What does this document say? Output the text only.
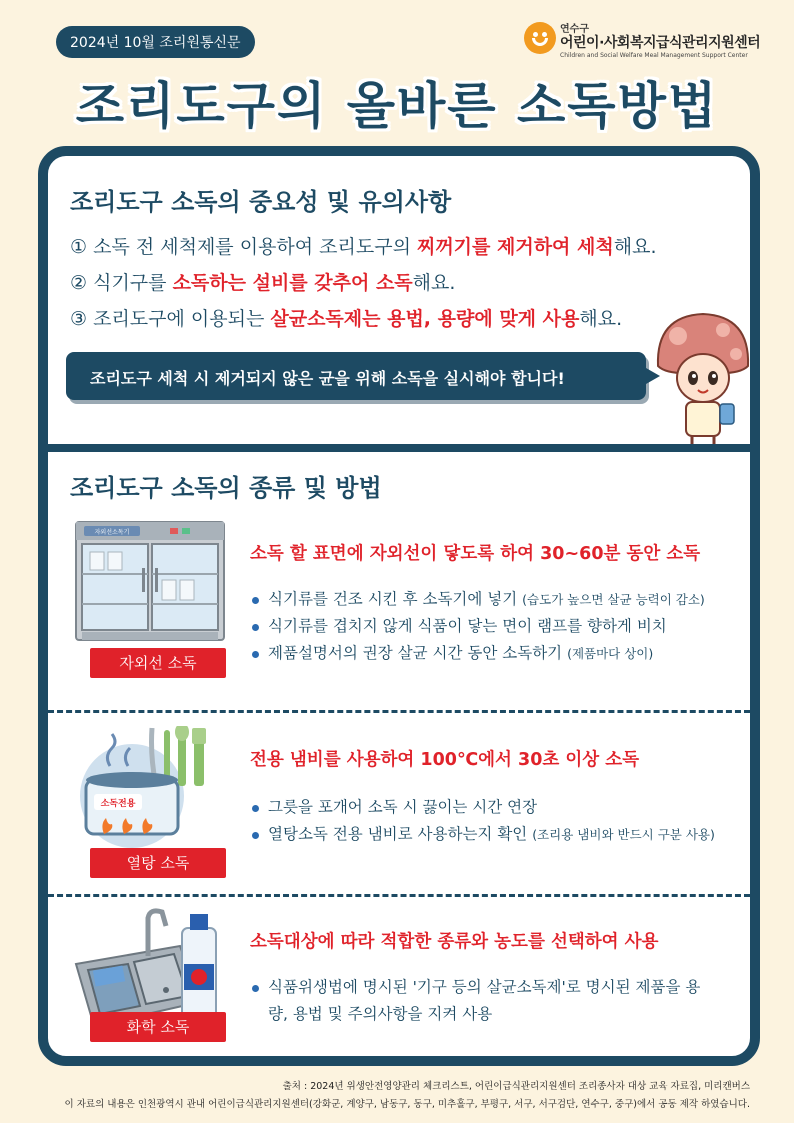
2024년 10월 조리원통신문
연수구
어린이·사회복지급식관리지원센터
Children and Social Welfare Meal Management Support Center
조리도구의 올바른 소독방법
조리도구 소독의 중요성 및 유의사항
① 소독 전 세척제를 이용하여 조리도구의 찌꺼기를 제거하여 세척해요.
② 식기구를 소독하는 설비를 갖추어 소독해요.
③ 조리도구에 이용되는 살균소독제는 용법, 용량에 맞게 사용해요.
조리도구 세척 시 제거되지 않은 균을 위해 소독을 실시해야 합니다!
조리도구 소독의 종류 및 방법
자외선소독기
자외선 소독
소독 할 표면에 자외선이 닿도록 하여 30~60분 동안 소독
식기류를 건조 시킨 후 소독기에 넣기 (습도가 높으면 살균 능력이 감소)
식기류를 겹치지 않게 식품이 닿는 면이 램프를 향하게 비치
제품설명서의 권장 살균 시간 동안 소독하기 (제품마다 상이)
소독전용
열탕 소독
전용 냄비를 사용하여 100℃에서 30초 이상 소독
그릇을 포개어 소독 시 끓이는 시간 연장
열탕소독 전용 냄비로 사용하는지 확인 (조리용 냄비와 반드시 구분 사용)
화학 소독
소독대상에 따라 적합한 종류와 농도를 선택하여 사용
식품위생법에 명시된 '기구 등의 살균소독제'로 명시된 제품을 용량, 용법 및 주의사항을 지켜 사용
출처 : 2024년 위생안전영양관리 체크리스트, 어린이급식관리지원센터 조리종사자 대상 교육 자료집, 미리캔버스
이 자료의 내용은 인천광역시 관내 어린이급식관리지원센터(강화군, 계양구, 남동구, 동구, 미추홀구, 부평구, 서구, 서구검단, 연수구, 중구)에서 공동 제작 하였습니다.
